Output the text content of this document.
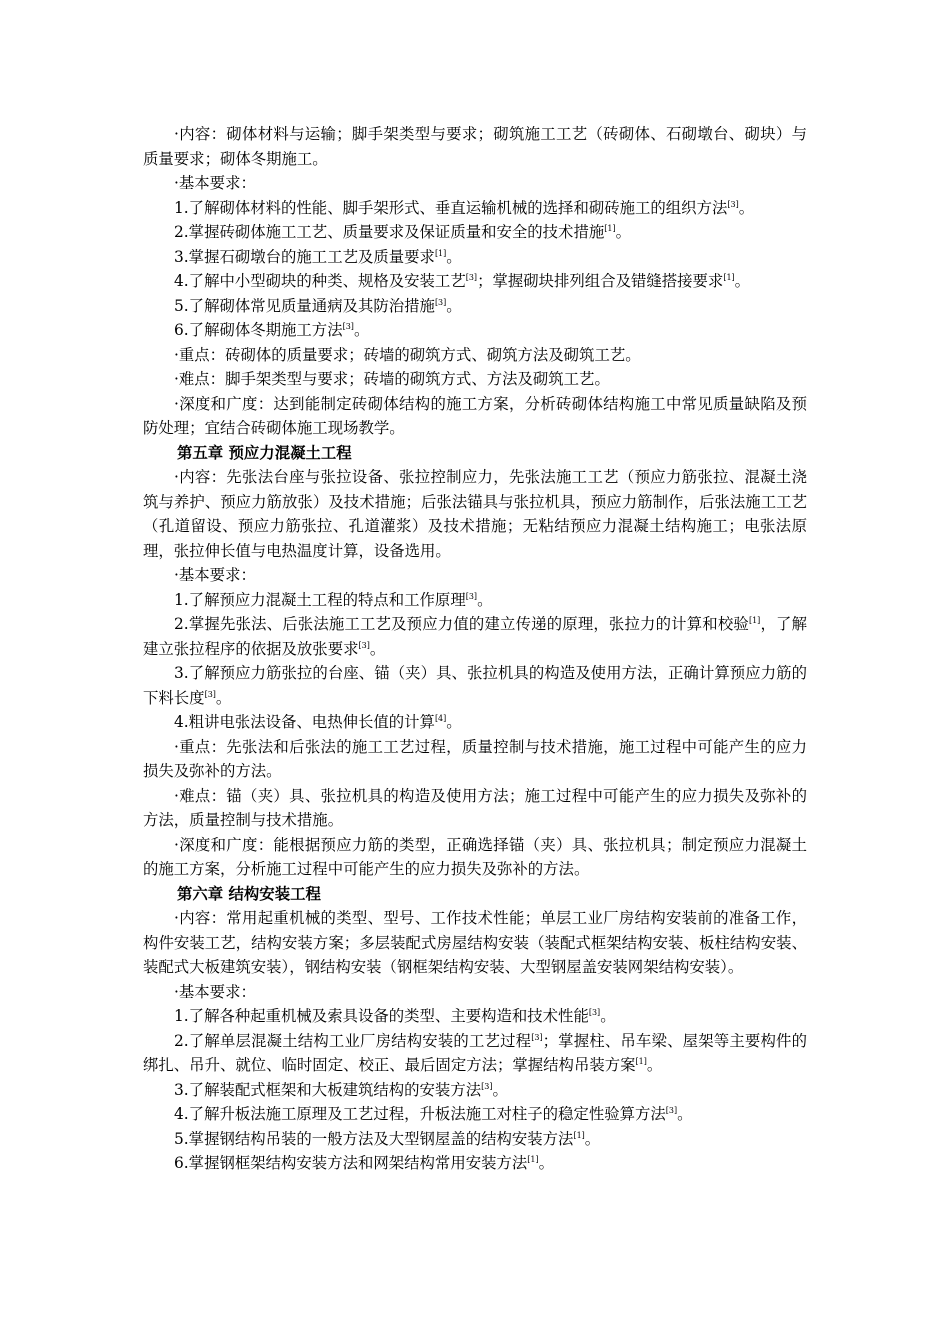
·内容：砌体材料与运输；脚手架类型与要求；砌筑施工工艺（砖砌体、石砌墩台、砌块）与质量要求；砌体冬期施工。

·基本要求：

1.了解砌体材料的性能、脚手架形式、垂直运输机械的选择和砌砖施工的组织方法[3]。

2.掌握砖砌体施工工艺、质量要求及保证质量和安全的技术措施[1]。

3.掌握石砌墩台的施工工艺及质量要求[1]。

4.了解中小型砌块的种类、规格及安装工艺[3]；掌握砌块排列组合及错缝搭接要求[1]。

5.了解砌体常见质量通病及其防治措施[3]。

6.了解砌体冬期施工方法[3]。

·重点：砖砌体的质量要求；砖墙的砌筑方式、砌筑方法及砌筑工艺。

·难点：脚手架类型与要求；砖墙的砌筑方式、方法及砌筑工艺。

·深度和广度：达到能制定砖砌体结构的施工方案，分析砖砌体结构施工中常见质量缺陷及预防处理；宜结合砖砌体施工现场教学。

第五章 预应力混凝土工程

·内容：先张法台座与张拉设备、张拉控制应力，先张法施工工艺（预应力筋张拉、混凝土浇筑与养护、预应力筋放张）及技术措施；后张法锚具与张拉机具，预应力筋制作，后张法施工工艺（孔道留设、预应力筋张拉、孔道灌浆）及技术措施；无粘结预应力混凝土结构施工；电张法原理，张拉伸长值与电热温度计算，设备选用。

·基本要求：

1.了解预应力混凝土工程的特点和工作原理[3]。

2.掌握先张法、后张法施工工艺及预应力值的建立传递的原理，张拉力的计算和校验[1]，了解建立张拉程序的依据及放张要求[3]。

3.了解预应力筋张拉的台座、锚（夹）具、张拉机具的构造及使用方法，正确计算预应力筋的下料长度[3]。

4.粗讲电张法设备、电热伸长值的计算[4]。

·重点：先张法和后张法的施工工艺过程，质量控制与技术措施，施工过程中可能产生的应力损失及弥补的方法。

·难点：锚（夹）具、张拉机具的构造及使用方法；施工过程中可能产生的应力损失及弥补的方法，质量控制与技术措施。

·深度和广度：能根据预应力筋的类型，正确选择锚（夹）具、张拉机具；制定预应力混凝土的施工方案，分析施工过程中可能产生的应力损失及弥补的方法。

第六章 结构安装工程

·内容：常用起重机械的类型、型号、工作技术性能；单层工业厂房结构安装前的准备工作，构件安装工艺，结构安装方案；多层装配式房屋结构安装（装配式框架结构安装、板柱结构安装、装配式大板建筑安装），钢结构安装（钢框架结构安装、大型钢屋盖安装网架结构安装）。

·基本要求：

1.了解各种起重机械及索具设备的类型、主要构造和技术性能[3]。

2.了解单层混凝土结构工业厂房结构安装的工艺过程[3]；掌握柱、吊车梁、屋架等主要构件的绑扎、吊升、就位、临时固定、校正、最后固定方法；掌握结构吊装方案[1]。

3.了解装配式框架和大板建筑结构的安装方法[3]。

4.了解升板法施工原理及工艺过程，升板法施工对柱子的稳定性验算方法[3]。

5.掌握钢结构吊装的一般方法及大型钢屋盖的结构安装方法[1]。

6.掌握钢框架结构安装方法和网架结构常用安装方法[1]。
